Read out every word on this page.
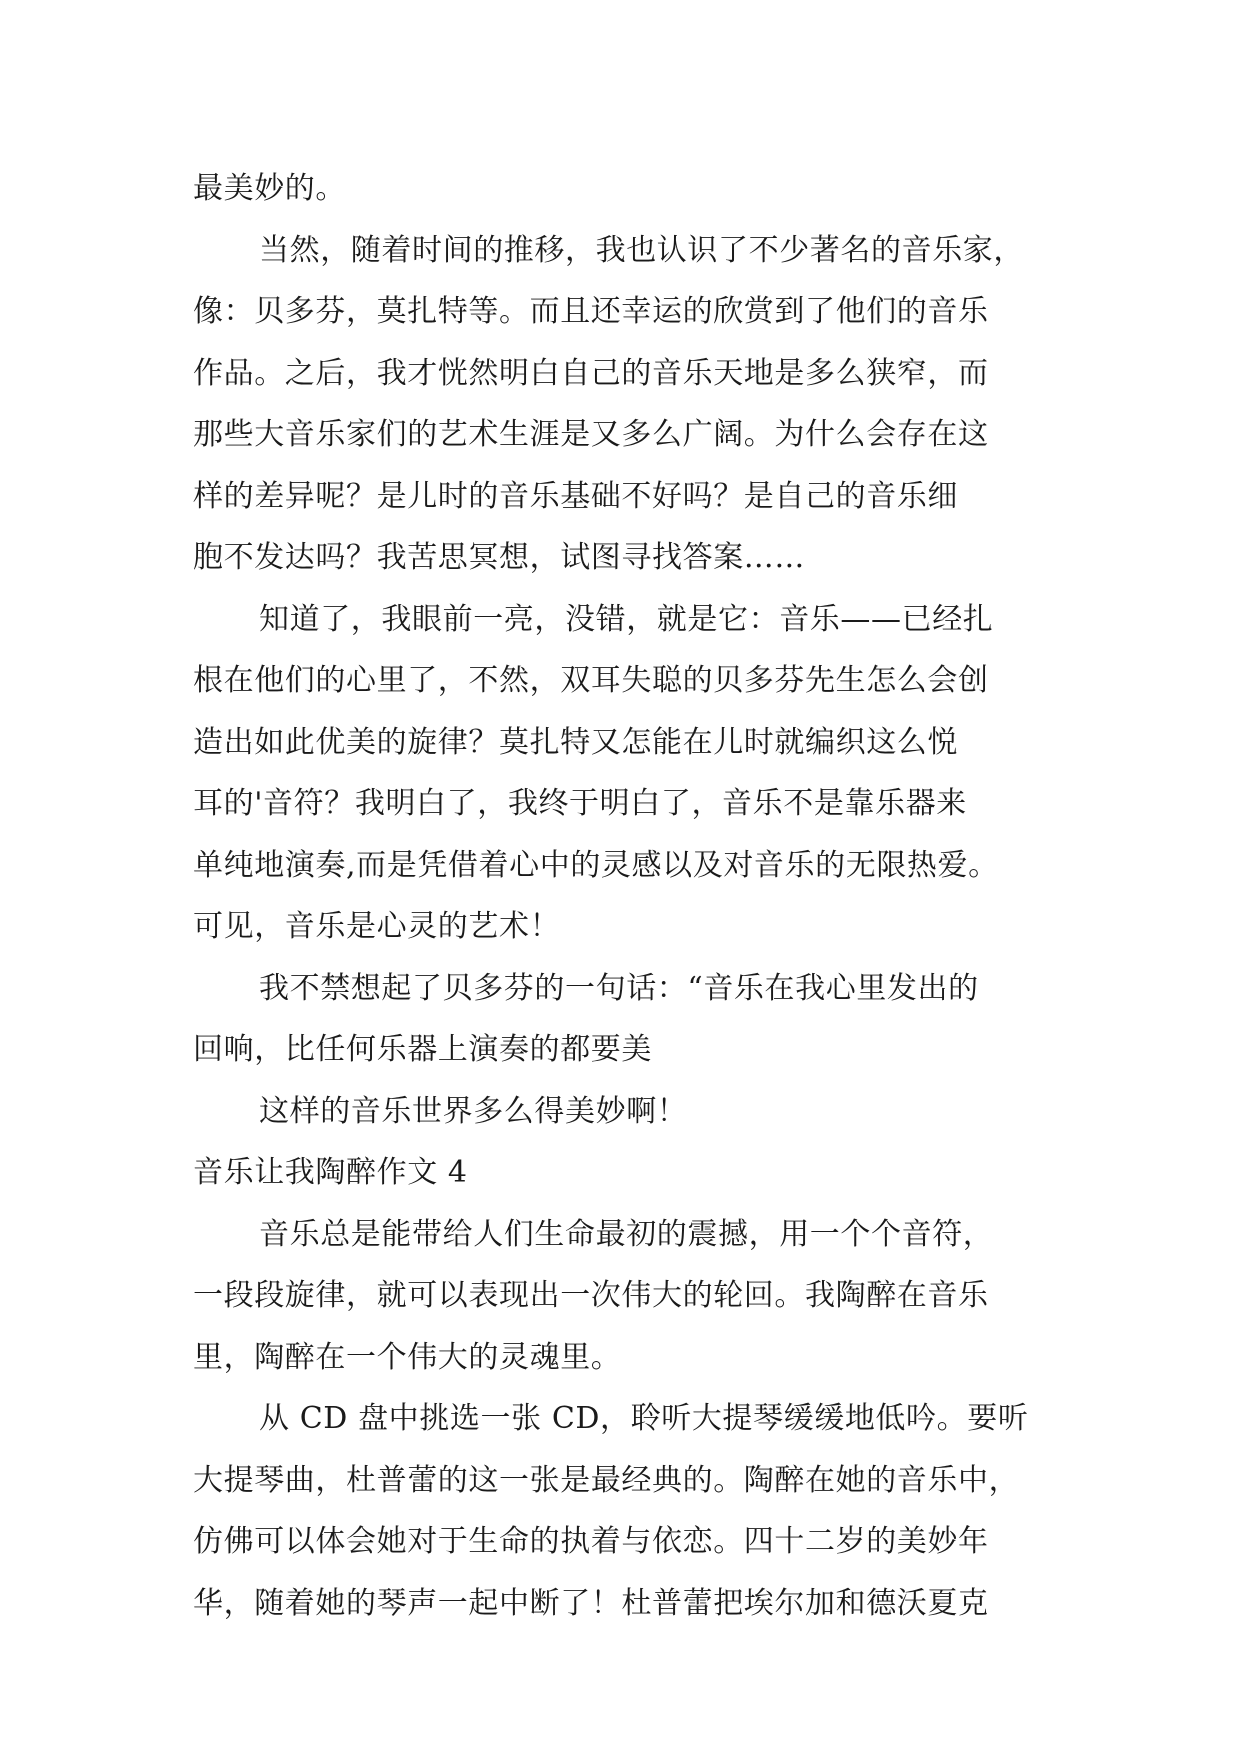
最美妙的。
当然，随着时间的推移，我也认识了不少著名的音乐家，
像：贝多芬，莫扎特等。而且还幸运的欣赏到了他们的音乐
作品。之后，我才恍然明白自己的音乐天地是多么狭窄，而
那些大音乐家们的艺术生涯是又多么广阔。为什么会存在这
样的差异呢？是儿时的音乐基础不好吗？是自己的音乐细
胞不发达吗？我苦思冥想，试图寻找答案……
知道了，我眼前一亮，没错，就是它：音乐——已经扎
根在他们的心里了，不然，双耳失聪的贝多芬先生怎么会创
造出如此优美的旋律？莫扎特又怎能在儿时就编织这么悦
耳的'音符？我明白了，我终于明白了，音乐不是靠乐器来
单纯地演奏,而是凭借着心中的灵感以及对音乐的无限热爱。
可见，音乐是心灵的艺术！
我不禁想起了贝多芬的一句话：“音乐在我心里发出的
回响，比任何乐器上演奏的都要美
这样的音乐世界多么得美妙啊！
音乐让我陶醉作文 4
音乐总是能带给人们生命最初的震撼，用一个个音符，
一段段旋律，就可以表现出一次伟大的轮回。我陶醉在音乐
里，陶醉在一个伟大的灵魂里。
从 CD 盘中挑选一张 CD，聆听大提琴缓缓地低吟。要听
大提琴曲，杜普蕾的这一张是最经典的。陶醉在她的音乐中，
仿佛可以体会她对于生命的执着与依恋。四十二岁的美妙年
华，随着她的琴声一起中断了！杜普蕾把埃尔加和德沃夏克
